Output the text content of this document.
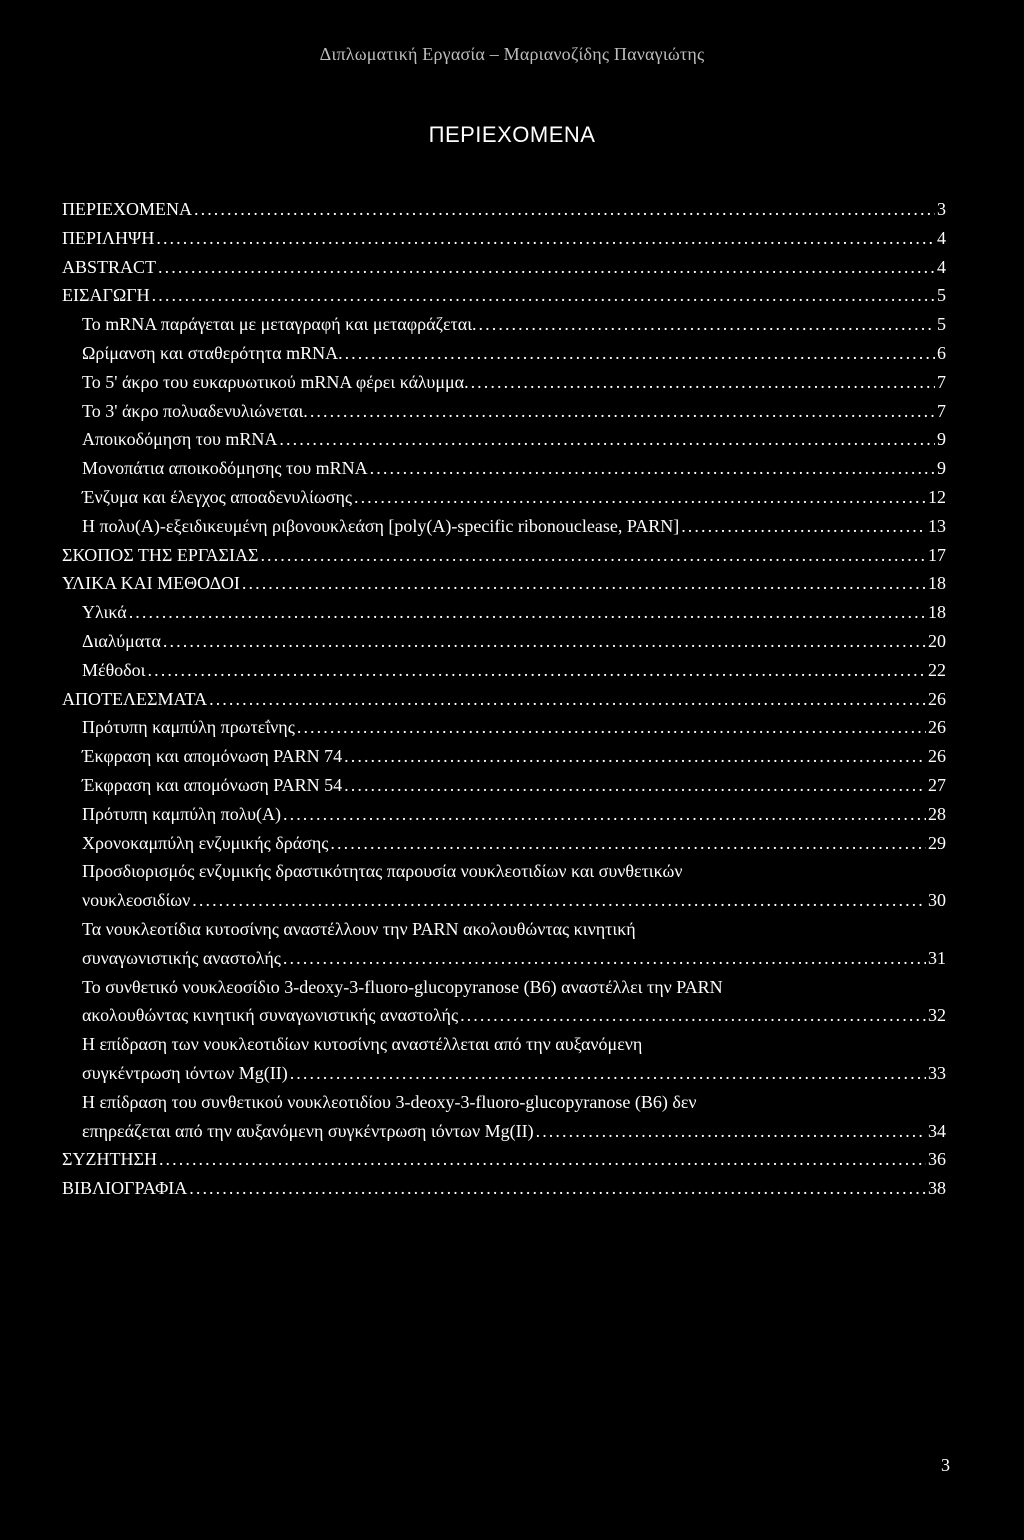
Διπλωματική Εργασία – Μαριανοζίδης Παναγιώτης
ΠΕΡΙΕΧΟΜΕΝΑ
ΠΕΡΙΕΧΟΜΕΝΑ . . .	3
ΠΕΡΙΛΗΨΗ . . .	4
ABSTRACT . . .	4
ΕΙΣΑΓΩΓΗ . . .	5
Το mRNA παράγεται με μεταγραφή και μεταφράζεται. . . .	5
Ωρίμανση και σταθερότητα mRNA. . . .	6
Το 5' άκρο του ευκαρυωτικού mRNA φέρει κάλυμμα. . . .	7
Το 3' άκρο πολυαδενυλιώνεται. . . .	7
Αποικοδόμηση του mRNA . . .	9
Μονοπάτια αποικοδόμησης του mRNA . . .	9
Ένζυμα και έλεγχος αποαδενυλίωσης . . .	12
Η πολυ(Α)-εξειδικευμένη ριβονουκλεάση [poly(A)-specific ribonouclease, PARN] . . .	13
ΣΚΟΠΟΣ ΤΗΣ ΕΡΓΑΣΙΑΣ . . .	17
ΥΛΙΚΑ ΚΑΙ ΜΕΘΟΔΟΙ . . .	18
Υλικά . . .	18
Διαλύματα . . .	20
Μέθοδοι . . .	22
ΑΠΟΤΕΛΕΣΜΑΤΑ . . .	26
Πρότυπη καμπύλη πρωτεΐνης . . .	26
Έκφραση και απομόνωση PARN 74 . . .	26
Έκφραση και απομόνωση PARN 54 . . .	27
Πρότυπη καμπύλη πολυ(Α) . . .	28
Χρονοκαμπύλη ενζυμικής δράσης . . .	29
Προσδιορισμός ενζυμικής δραστικότητας παρουσία νουκλεοτιδίων και συνθετικών
νουκλεοσιδίων . . .	30
Τα νουκλεοτίδια κυτοσίνης αναστέλλουν την PARN ακολουθώντας κινητική
συναγωνιστικής αναστολής . . .	31
Το συνθετικό νουκλεοσίδιο 3-deoxy-3-fluoro-glucopyranose (B6) αναστέλλει την PARN
ακολουθώντας κινητική συναγωνιστικής αναστολής . . .	32
Η επίδραση των νουκλεοτιδίων κυτοσίνης αναστέλλεται από την αυξανόμενη
συγκέντρωση ιόντων Mg(II) . . .	33
Η επίδραση του συνθετικού νουκλεοτιδίου 3-deoxy-3-fluoro-glucopyranose (B6) δεν
επηρεάζεται από την αυξανόμενη συγκέντρωση ιόντων Mg(II) . . .	34
ΣΥΖΗΤΗΣΗ . . .	36
ΒΙΒΛΙΟΓΡΑΦΙΑ . . .	38
3
